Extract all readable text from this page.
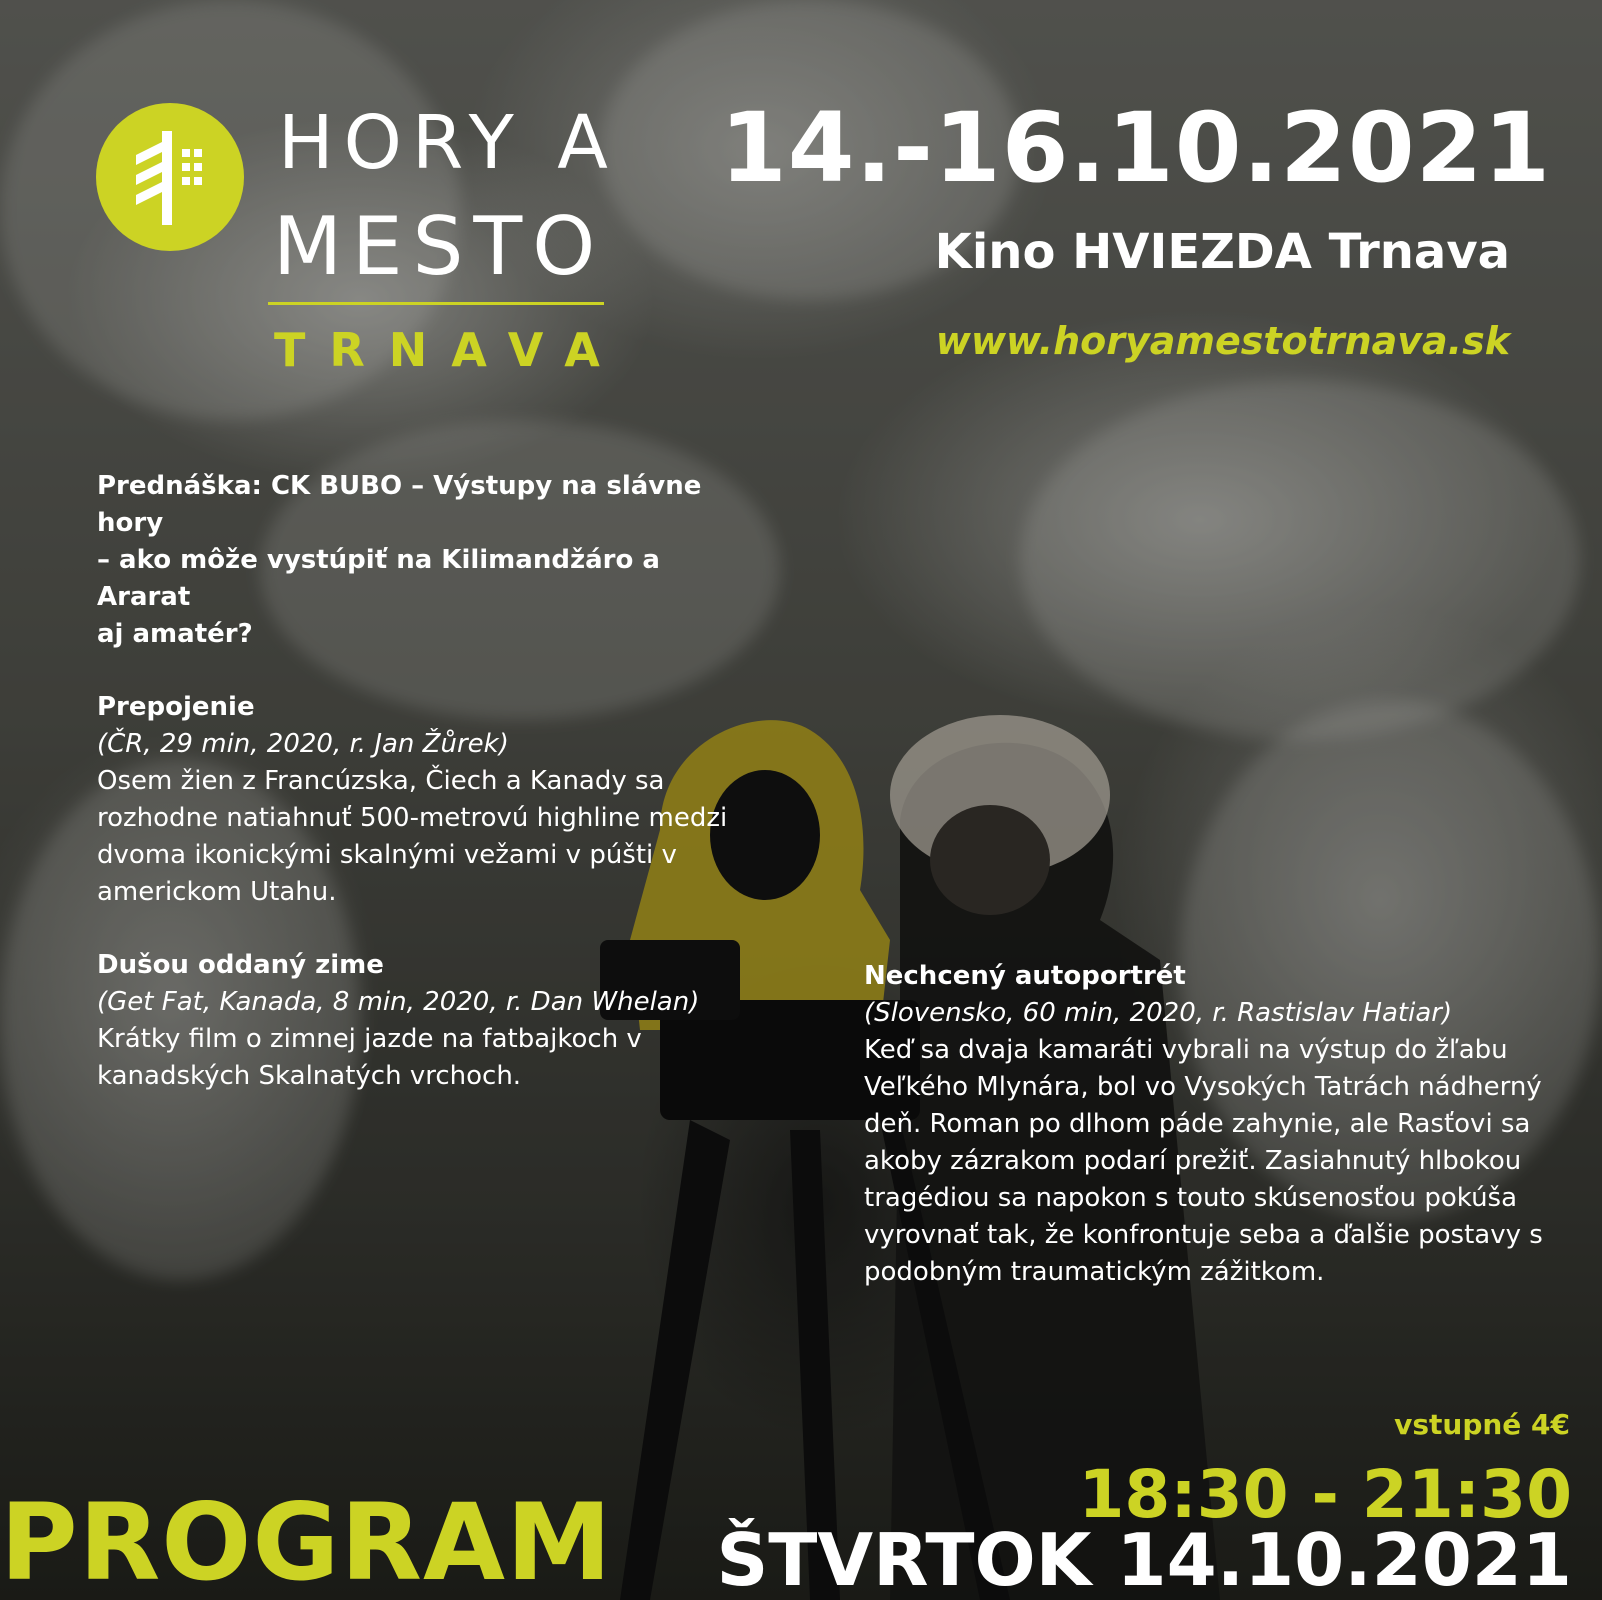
HORY A
MESTO
TRNAVA
14.-16.10.2021
Kino HVIEZDA Trnava
www.horyamestotrnava.sk

Prednáška: CK BUBO – Výstupy na slávne hory

– ako môže vystúpiť na Kilimandžáro a Ararat

aj amatér?

Prepojenie

(ČR, 29 min, 2020, r. Jan Žůrek)

Osem žien z Francúzska, Čiech a Kanady sa rozhodne natiahnuť 500-metrovú highline medzi dvoma ikonickými skalnými vežami v púšti v americkom Utahu.

Dušou oddaný zime

(Get Fat, Kanada, 8 min, 2020, r. Dan Whelan)

Krátky film o zimnej jazde na fatbajkoch v kanadských Skalnatých vrchoch.

Nechcený autoportrét

(Slovensko, 60 min, 2020, r. Rastislav Hatiar)

Keď sa dvaja kamaráti vybrali na výstup do žľabu Veľkého Mlynára, bol vo Vysokých Tatrách nádherný deň. Roman po dlhom páde zahynie, ale Rasťovi sa akoby zázrakom podarí prežiť. Zasiahnutý hlbokou tragédiou sa napokon s touto skúsenosťou pokúša vyrovnať tak, že konfrontuje seba a ďalšie postavy s podobným traumatickým zážitkom.

vstupné 4€
18:30 - 21:30
PROGRAM ŠTVRTOK 14.10.2021
